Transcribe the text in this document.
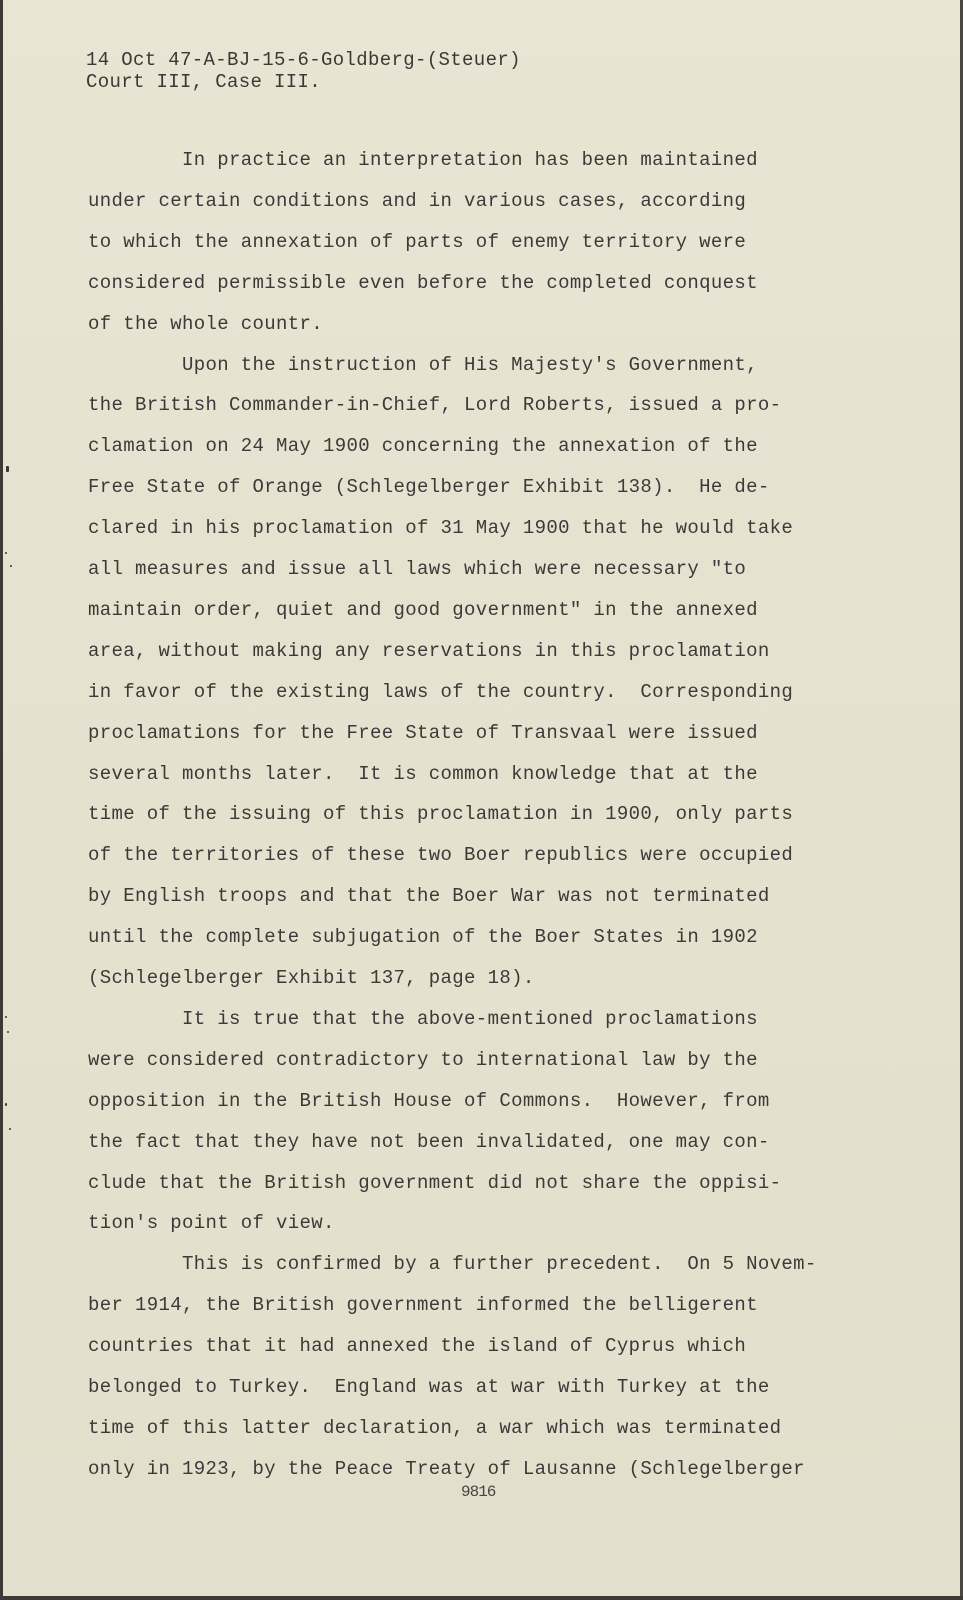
14 Oct 47-A-BJ-15-6-Goldberg-(Steuer)
Court III, Case III.
In practice an interpretation has been maintained
under certain conditions and in various cases, according
to which the annexation of parts of enemy territory were
considered permissible even before the completed conquest
of the whole countr.
Upon the instruction of His Majesty's Government,
the British Commander-in-Chief, Lord Roberts, issued a pro-
clamation on 24 May 1900 concerning the annexation of the
Free State of Orange (Schlegelberger Exhibit 138).  He de-
clared in his proclamation of 31 May 1900 that he would take
all measures and issue all laws which were necessary "to
maintain order, quiet and good government" in the annexed
area, without making any reservations in this proclamation
in favor of the existing laws of the country.  Corresponding
proclamations for the Free State of Transvaal were issued
several months later.  It is common knowledge that at the
time of the issuing of this proclamation in 1900, only parts
of the territories of these two Boer republics were occupied
by English troops and that the Boer War was not terminated
until the complete subjugation of the Boer States in 1902
(Schlegelberger Exhibit 137, page 18).
It is true that the above-mentioned proclamations
were considered contradictory to international law by the
opposition in the British House of Commons.  However, from
the fact that they have not been invalidated, one may con-
clude that the British government did not share the oppisi-
tion's point of view.
This is confirmed by a further precedent.  On 5 Novem-
ber 1914, the British government informed the belligerent
countries that it had annexed the island of Cyprus which
belonged to Turkey.  England was at war with Turkey at the
time of this latter declaration, a war which was terminated
only in 1923, by the Peace Treaty of Lausanne (Schlegelberger
9816
